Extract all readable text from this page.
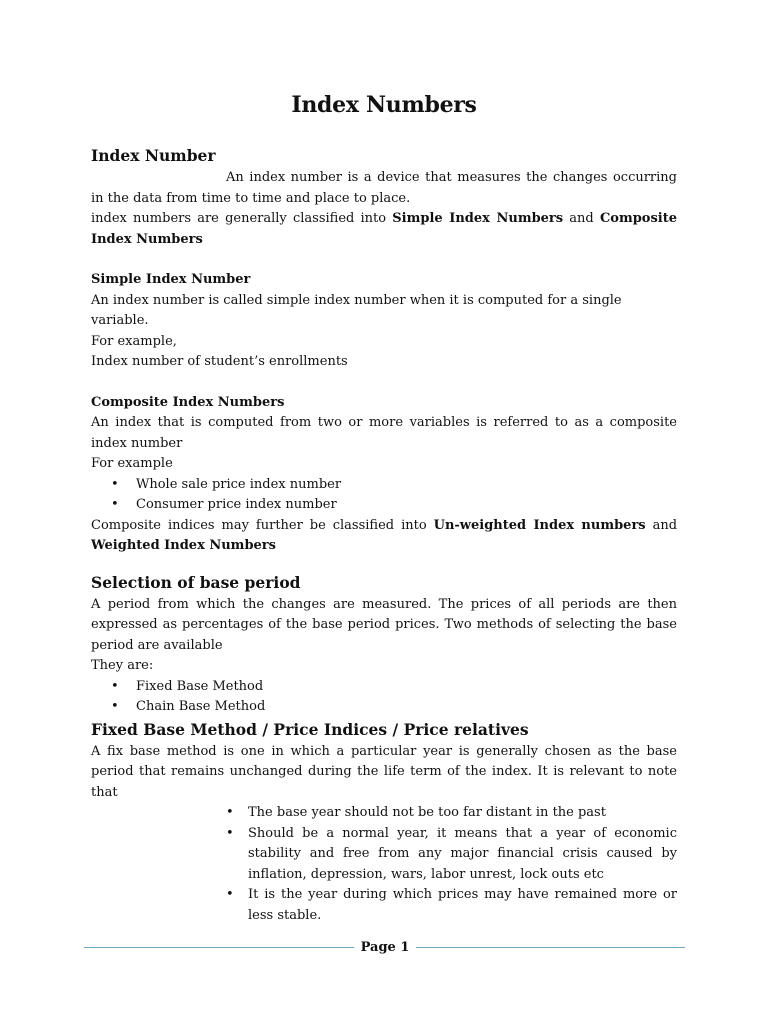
Index Numbers
Index Number

An index number is a device that measures the changes occurring in the data from time to time and place to place.

index numbers are generally classified into Simple Index Numbers and Composite Index Numbers

Simple Index Number

An index number is called simple index number when it is computed for a single variable.

For example,

Index number of student’s enrollments

Composite Index Numbers

An index that is computed from two or more variables is referred to as a composite index number

For example

• Whole sale price index number
• Consumer price index number

Composite indices may further be classified into Un-weighted Index numbers and Weighted Index Numbers

Selection of base period

A period from which the changes are measured. The prices of all periods are then expressed as percentages of the base period prices. Two methods of selecting the base period are available

They are:

• Fixed Base Method
• Chain Base Method
Fixed Base Method / Price Indices / Price relatives

A fix base method is one in which a particular year is generally chosen as the base period that remains unchanged during the life term of the index. It is relevant to note that

• The base year should not be too far distant in the past
• Should be a normal year, it means that a year of economic stability and free from any major financial crisis caused by inflation, depression, wars, labor unrest, lock outs etc
• It is the year during which prices may have remained more or less stable.
Page 1
